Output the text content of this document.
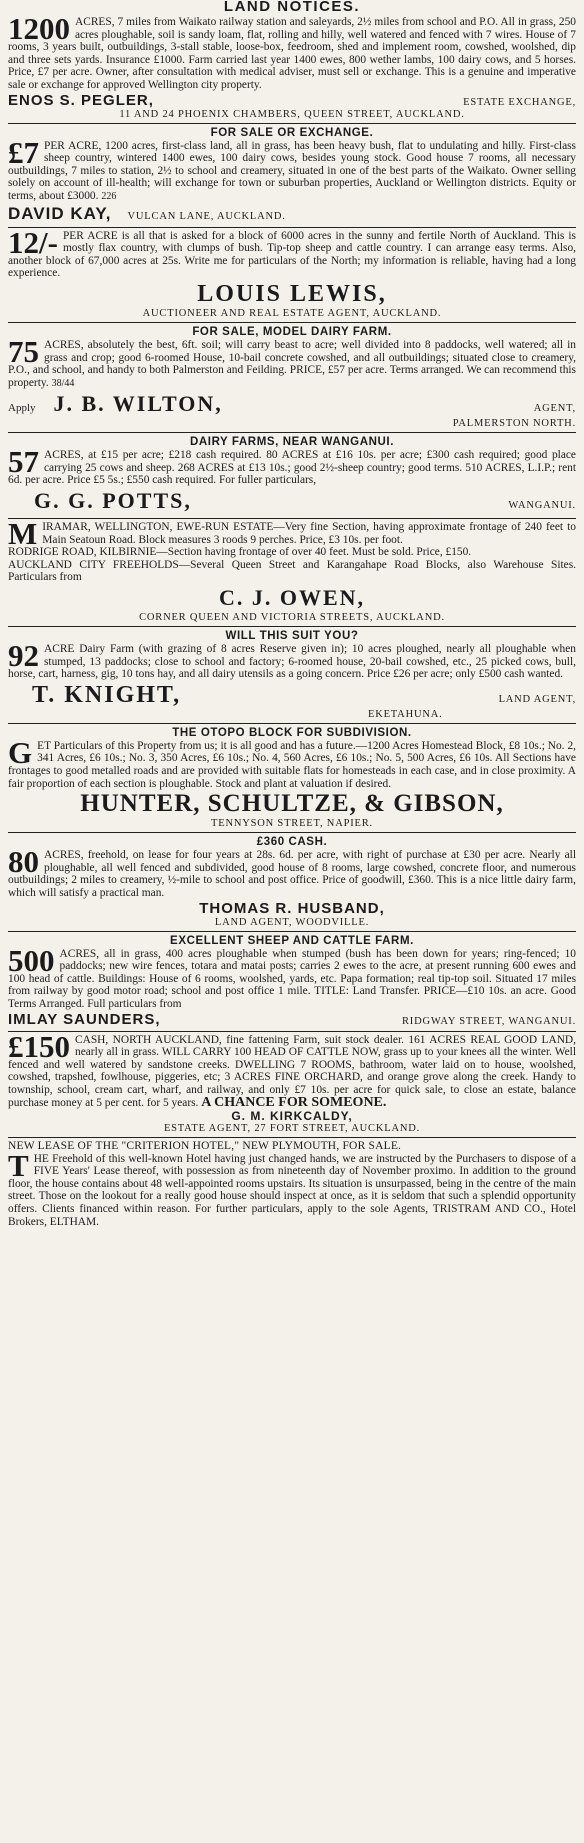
LAND NOTICES.

1200 ACRES, 7 miles from Waikato railway station and saleyards, 2½ miles from school and P.O. All in grass, 250 acres ploughable, soil is sandy loam, flat, rolling and hilly, well watered and fenced with 7 wires. House of 7 rooms, 3 years built, outbuildings, 3-stall stable, loose-box, feedroom, shed and implement room, cowshed, woolshed, dip and three sets yards. Insurance £1000. Farm carried last year 1400 ewes, 800 wether lambs, 100 dairy cows, and 5 horses. Price, £7 per acre. Owner, after consultation with medical adviser, must sell or exchange. This is a genuine and imperative sale or exchange for approved Wellington city property.

ENOS S. PEGLER,	ESTATE EXCHANGE,
11 AND 24 PHOENIX CHAMBERS, QUEEN STREET, AUCKLAND.
FOR SALE OR EXCHANGE.

£7 PER ACRE, 1200 acres, first-class land, all in grass, has been heavy bush, flat to undulating and hilly. First-class sheep country, wintered 1400 ewes, 100 dairy cows, besides young stock. Good house 7 rooms, all necessary outbuildings, 7 miles to station, 2½ to school and creamery, situated in one of the best parts of the Waikato. Owner selling solely on account of ill-health; will exchange for town or suburban properties, Auckland or Wellington districts. Equity or terms, about £3000. 226

DAVID KAY, VULCAN LANE, AUCKLAND.

12/- PER ACRE is all that is asked for a block of 6000 acres in the sunny and fertile North of Auckland. This is mostly flax country, with clumps of bush. Tip-top sheep and cattle country. I can arrange easy terms. Also, another block of 67,000 acres at 25s. Write me for particulars of the North; my information is reliable, having had a long experience.

LOUIS LEWIS,
AUCTIONEER AND REAL ESTATE AGENT, AUCKLAND.
FOR SALE, MODEL DAIRY FARM.

75 ACRES, absolutely the best, 6ft. soil; will carry beast to acre; well divided into 8 paddocks, well watered; all in grass and crop; good 6-roomed House, 10-bail concrete cowshed, and all outbuildings; situated close to creamery, P.O., and school, and handy to both Palmerston and Feilding. PRICE, £57 per acre. Terms arranged. We can recommend this property. 38/44

Apply J. B. WILTON,	AGENT,
PALMERSTON NORTH.
DAIRY FARMS, NEAR WANGANUI.

57 ACRES, at £15 per acre; £218 cash required. 80 ACRES at £16 10s. per acre; £300 cash required; good place carrying 25 cows and sheep. 268 ACRES at £13 10s.; good 2½-sheep country; good terms. 510 ACRES, L.I.P.; rent 6d. per acre. Price £5 5s.; £550 cash required. For fuller particulars,

G. G. POTTS,	WANGANUI.

MIRAMAR, WELLINGTON, EWE-RUN ESTATE—Very fine Section, having approximate frontage of 240 feet to Main Seatoun Road. Block measures 3 roods 9 perches. Price, £3 10s. per foot.

RODRIGE ROAD, KILBIRNIE—Section having frontage of over 40 feet. Must be sold. Price, £150.

AUCKLAND CITY FREEHOLDS—Several Queen Street and Karangahape Road Blocks, also Warehouse Sites. Particulars from

C. J. OWEN,
CORNER QUEEN AND VICTORIA STREETS, AUCKLAND.
WILL THIS SUIT YOU?

92 ACRE Dairy Farm (with grazing of 8 acres Reserve given in); 10 acres ploughed, nearly all ploughable when stumped, 13 paddocks; close to school and factory; 6-roomed house, 20-bail cowshed, etc., 25 picked cows, bull, horse, cart, harness, gig, 10 tons hay, and all dairy utensils as a going concern. Price £26 per acre; only £500 cash wanted.

T. KNIGHT,	LAND AGENT,
EKETAHUNA.
THE OTOPO BLOCK FOR SUBDIVISION.

GET Particulars of this Property from us; it is all good and has a future.—1200 Acres Homestead Block, £8 10s.; No. 2, 341 Acres, £6 10s.; No. 3, 350 Acres, £6 10s.; No. 4, 560 Acres, £6 10s.; No. 5, 500 Acres, £6 10s. All Sections have frontages to good metalled roads and are provided with suitable flats for homesteads in each case, and in close proximity. A fair proportion of each section is ploughable. Stock and plant at valuation if desired.

HUNTER, SCHULTZE, & GIBSON,
TENNYSON STREET, NAPIER.
£360 CASH.

80 ACRES, freehold, on lease for four years at 28s. 6d. per acre, with right of purchase at £30 per acre. Nearly all ploughable, all well fenced and subdivided, good house of 8 rooms, large cowshed, concrete floor, and numerous outbuildings; 2 miles to creamery, ½-mile to school and post office. Price of goodwill, £360. This is a nice little dairy farm, which will satisfy a practical man.

THOMAS R. HUSBAND,
LAND AGENT, WOODVILLE.
EXCELLENT SHEEP AND CATTLE FARM.

500 ACRES, all in grass, 400 acres ploughable when stumped (bush has been down for years; ring-fenced; 10 paddocks; new wire fences, totara and matai posts; carries 2 ewes to the acre, at present running 600 ewes and 100 head of cattle. Buildings: House of 6 rooms, woolshed, yards, etc. Papa formation; real tip-top soil. Situated 17 miles from railway by good motor road; school and post office 1 mile. TITLE: Land Transfer. PRICE—£10 10s. an acre. Good Terms Arranged. Full particulars from

IMLAY SAUNDERS,	RIDGWAY STREET, WANGANUI.

£150 CASH, NORTH AUCKLAND, fine fattening Farm, suit stock dealer. 161 ACRES REAL GOOD LAND, nearly all in grass. WILL CARRY 100 HEAD OF CATTLE NOW, grass up to your knees all the winter. Well fenced and well watered by sandstone creeks. DWELLING 7 ROOMS, bathroom, water laid on to house, woolshed, cowshed, trapshed, fowlhouse, piggeries, etc; 3 ACRES FINE ORCHARD, and orange grove along the creek. Handy to township, school, cream cart, wharf, and railway, and only £7 10s. per acre for quick sale, to close an estate, balance purchase money at 5 per cent. for 5 years. A CHANCE FOR SOMEONE.

G. M. KIRKCALDY,
ESTATE AGENT, 27 FORT STREET, AUCKLAND.
NEW LEASE OF THE "CRITERION HOTEL," NEW PLYMOUTH, FOR SALE.

THE Freehold of this well-known Hotel having just changed hands, we are instructed by the Purchasers to dispose of a FIVE Years' Lease thereof, with possession as from nineteenth day of November proximo. In addition to the ground floor, the house contains about 48 well-appointed rooms upstairs. Its situation is unsurpassed, being in the centre of the main street. Those on the lookout for a really good house should inspect at once, as it is seldom that such a splendid opportunity offers. Clients financed within reason. For further particulars, apply to the sole Agents, TRISTRAM AND CO., Hotel Brokers, ELTHAM.
